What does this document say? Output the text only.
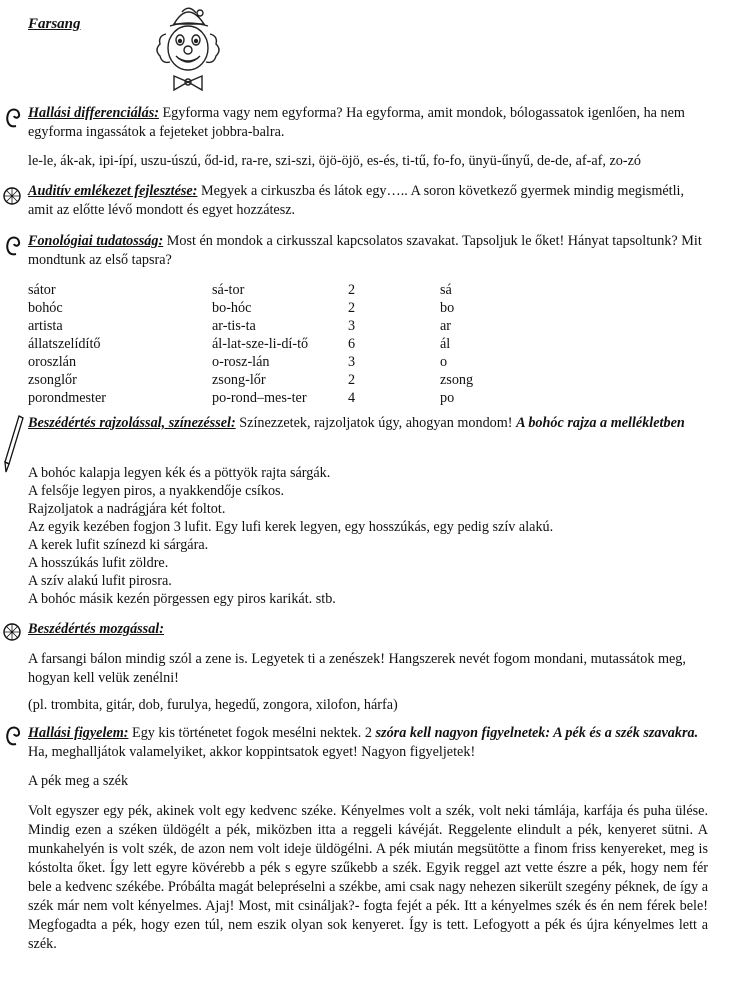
Farsang
Hallási differenciálás: Egyforma vagy nem egyforma? Ha egyforma, amit mondok, bólogassatok igenlően, ha nem egyforma ingassátok a fejeteket jobbra-balra.
le-le, ák-ak, ipi-ípí, uszu-úszú, őd-id, ra-re, szi-szi, öjö-öjö, es-és, ti-tű, fo-fo, ünyü-űnyű, de-de, af-af, zo-zó
Auditív emlékezet fejlesztése: Megyek a cirkuszba és látok egy….. A soron következő gyermek mindig megismétli, amit az előtte lévő mondott és egyet hozzátesz.
Fonológiai tudatosság: Most én mondok a cirkusszal kapcsolatos szavakat. Tapsoljuk le őket! Hányat tapsoltunk? Mit mondtunk az első tapsra?
sátor	sá-tor	2	sá
bohóc	bo-hóc	2	bo
artista	ar-tis-ta	3	ar
állatszelídítő	ál-lat-sze-li-dí-tő	6	ál
oroszlán	o-rosz-lán	3	o
zsonglőr	zsong-lőr	2	zsong
porondmester	po-rond–mes-ter	4	po
Beszédértés rajzolással, színezéssel: Színezzetek, rajzoljatok úgy, ahogyan mondom! A bohóc rajza a mellékletben
A bohóc kalapja legyen kék és a pöttyök rajta sárgák.
A felsője legyen piros, a nyakkendője csíkos.
Rajzoljatok a nadrágjára két foltot.
Az egyik kezében fogjon 3 lufit. Egy lufi kerek legyen, egy hosszúkás, egy pedig szív alakú.
A kerek lufit színezd ki sárgára.
A hosszúkás lufit zöldre.
A szív alakú lufit pirosra.
A bohóc másik kezén pörgessen egy piros karikát. stb.
Beszédértés mozgással:
A farsangi bálon mindig szól a zene is. Legyetek ti a zenészek! Hangszerek nevét fogom mondani, mutassátok meg, hogyan kell velük zenélni!
(pl. trombita, gitár, dob, furulya, hegedű, zongora, xilofon, hárfa)
Hallási figyelem: Egy kis történetet fogok mesélni nektek. 2 szóra kell nagyon figyelnetek: A pék és a szék szavakra. Ha, meghalljátok valamelyiket, akkor koppintsatok egyet! Nagyon figyeljetek!
A pék meg a szék
Volt egyszer egy pék, akinek volt egy kedvenc széke. Kényelmes volt a szék, volt neki támlája, karfája és puha ülése. Mindig ezen a széken üldögélt a pék, miközben itta a reggeli kávéját. Reggelente elindult a pék, kenyeret sütni. A munkahelyén is volt szék, de azon nem volt ideje üldögélni. A pék miután megsütötte a finom friss kenyereket, meg is kóstolta őket. Így lett egyre kövérebb a pék s egyre szűkebb a szék. Egyik reggel azt vette észre a pék, hogy nem fér bele a kedvenc székébe. Próbálta magát belepréselni a székbe, ami csak nagy nehezen sikerült szegény péknek, de így a szék már nem volt kényelmes. Ajaj! Most, mit csináljak?- fogta fejét a pék. Itt a kényelmes szék és én nem férek bele! Megfogadta a pék, hogy ezen túl, nem eszik olyan sok kenyeret. Így is tett. Lefogyott a pék és újra kényelmes lett a szék.
